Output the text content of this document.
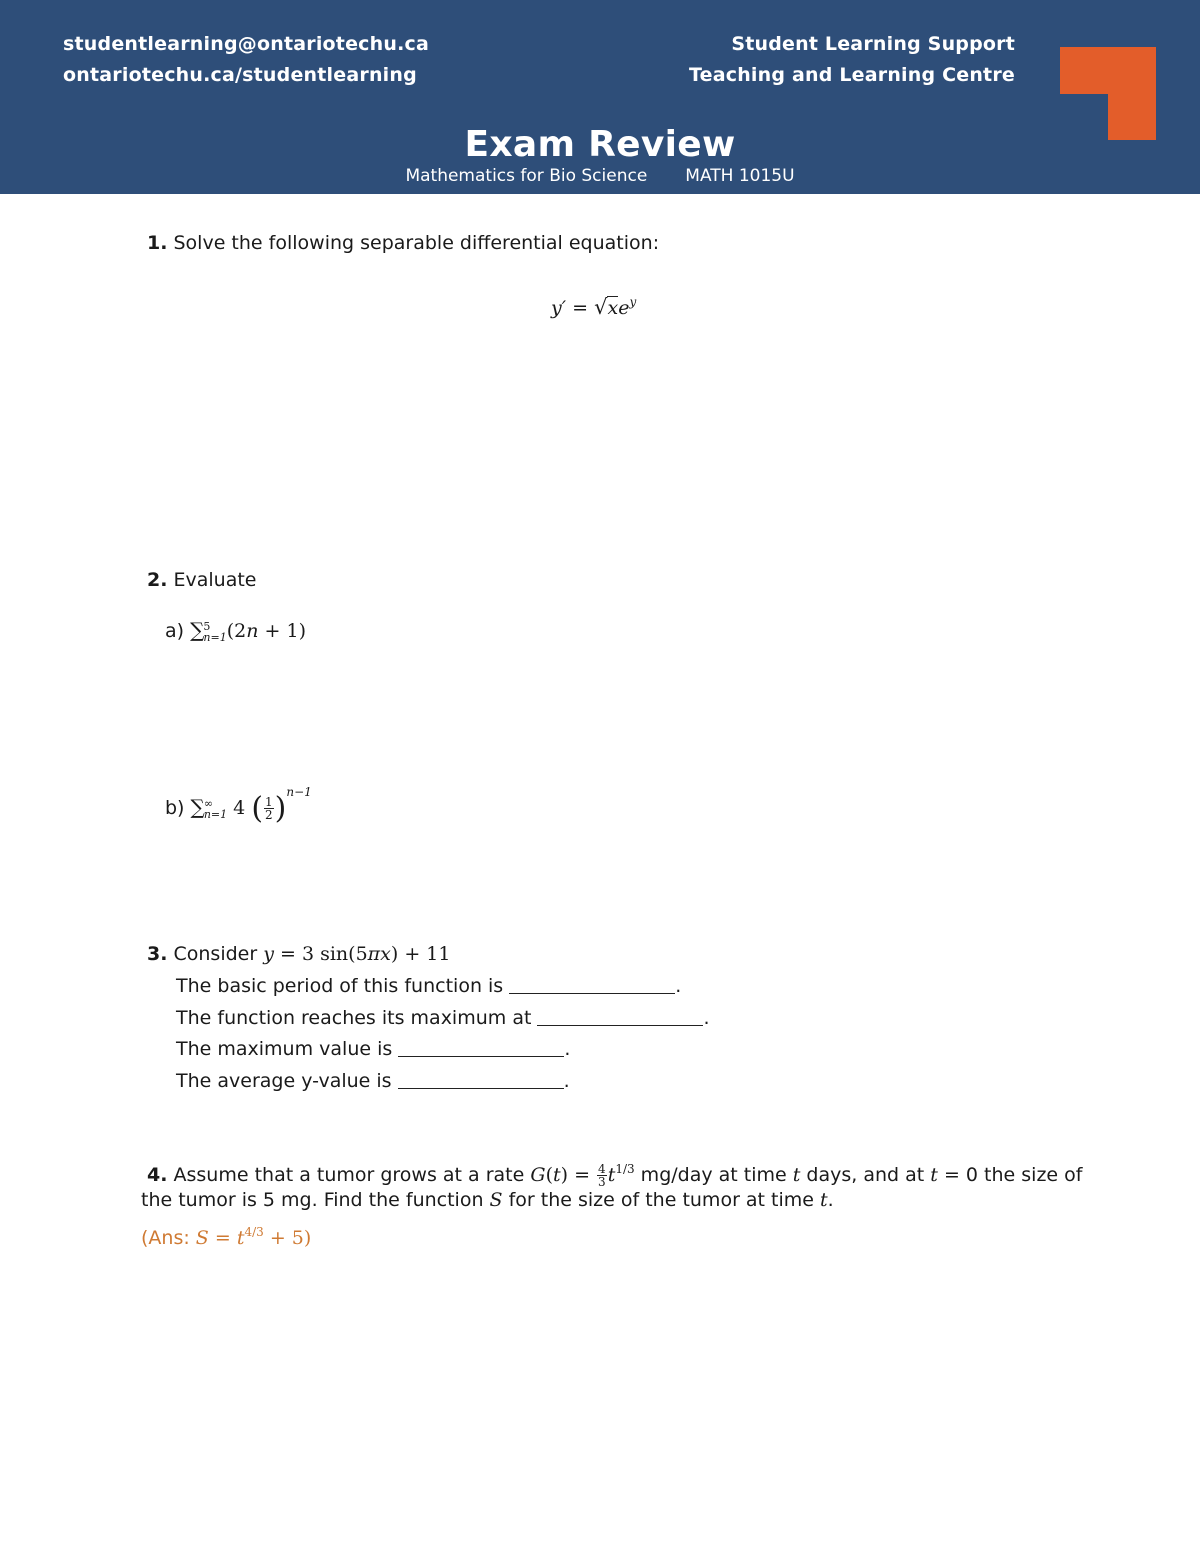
studentlearning@ontariotechu.ca
ontariotechu.ca/studentlearning
Student Learning Support
Teaching and Learning Centre
Exam Review
Mathematics for Bio Science MATH 1015U
1. Solve the following separable differential equation:
$y' = √xe^y$
2. Evaluate
a) ∑ 5
n=1 (2n + 1)
b) ∑ ∞
n=1 4 ( $\frac{1}{2} )^{n-1}$
3. Consider y = 3 sin(5πx) + 11
The basic period of this function is	.
The function reaches its maximum at	.
The maximum value is	.
The average y-value is	.
4. Assume that a tumor grows at a rate $G(t) = \frac{4}{3} t^{1/3}$ mg/day at time t days, and at t = 0 the size of
the tumor is 5 mg. Find the function S for the size of the tumor at time t.
(Ans: $S = t^{4/3} + 5$)
